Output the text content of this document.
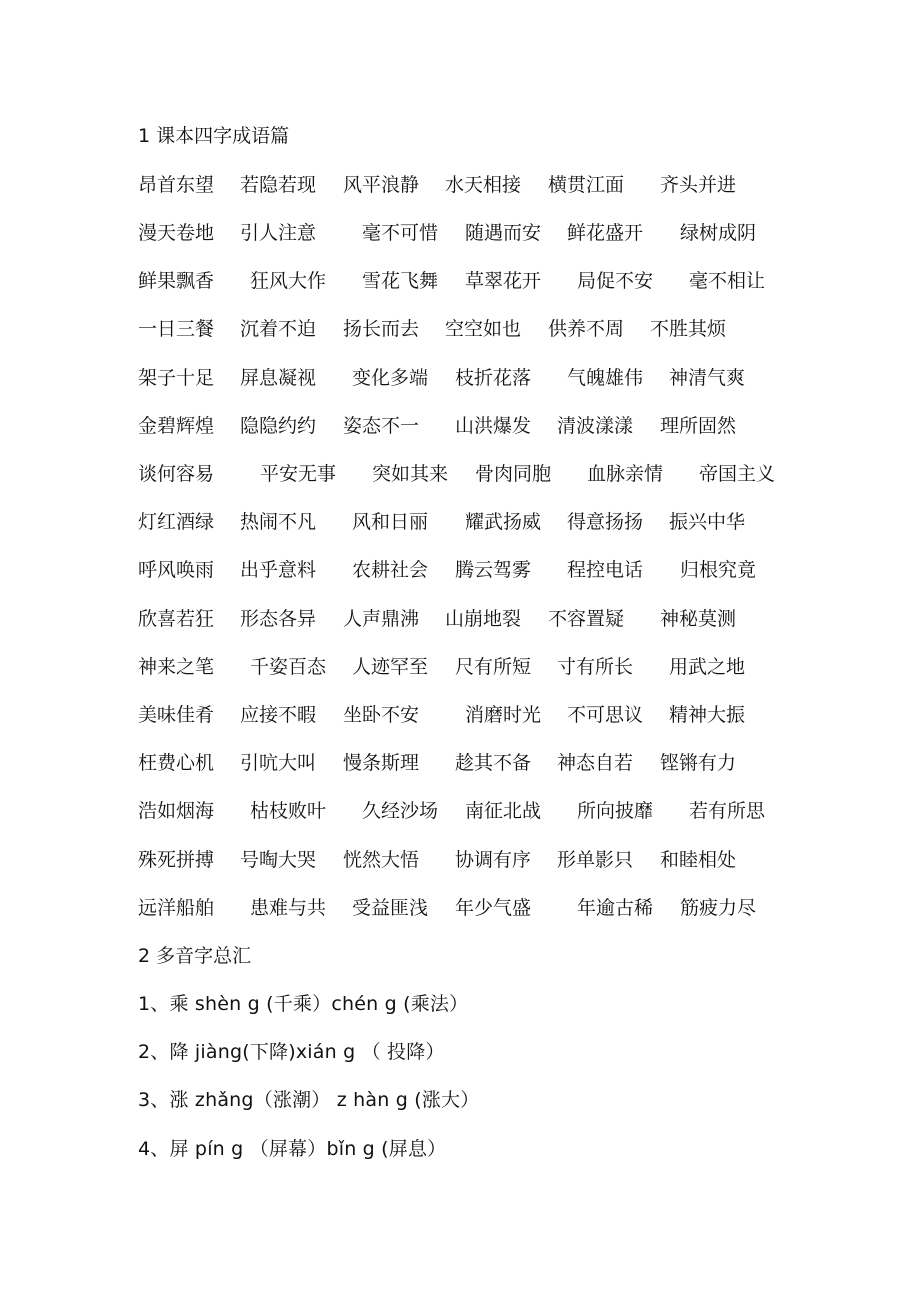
1 课本四字成语篇
昂首东望 若隐若现 风平浪静 水天相接 横贯江面 齐头并进
漫天卷地 引人注意 毫不可惜 随遇而安 鲜花盛开 绿树成阴
鲜果飘香 狂风大作 雪花飞舞 草翠花开 局促不安 毫不相让
一日三餐 沉着不迫 扬长而去 空空如也 供养不周 不胜其烦
架子十足 屏息凝视 变化多端 枝折花落 气魄雄伟 神清气爽
金碧辉煌 隐隐约约 姿态不一 山洪爆发 清波漾漾 理所固然
谈何容易 平安无事 突如其来 骨肉同胞 血脉亲情 帝国主义
灯红酒绿 热闹不凡 风和日丽 耀武扬威 得意扬扬 振兴中华
呼风唤雨 出乎意料 农耕社会 腾云驾雾 程控电话 归根究竟
欣喜若狂 形态各异 人声鼎沸 山崩地裂 不容置疑 神秘莫测
神来之笔 千姿百态 人迹罕至 尺有所短 寸有所长 用武之地
美味佳肴 应接不暇 坐卧不安 消磨时光 不可思议 精神大振
枉费心机 引吭大叫 慢条斯理 趁其不备 神态自若 铿锵有力
浩如烟海 枯枝败叶 久经沙场 南征北战 所向披靡 若有所思
殊死拼搏 号啕大哭 恍然大悟 协调有序 形单影只 和睦相处
远洋船舶 患难与共 受益匪浅 年少气盛 年逾古稀 筋疲力尽
2 多音字总汇
1、乘 shèn g (千乘）chén g (乘法）
2、降 jiàng(下降)xián g （ 投降）
3、涨 zhǎng（涨潮） z hàn g (涨大）
4、屏 pín g （屏幕）bǐn g (屏息）
